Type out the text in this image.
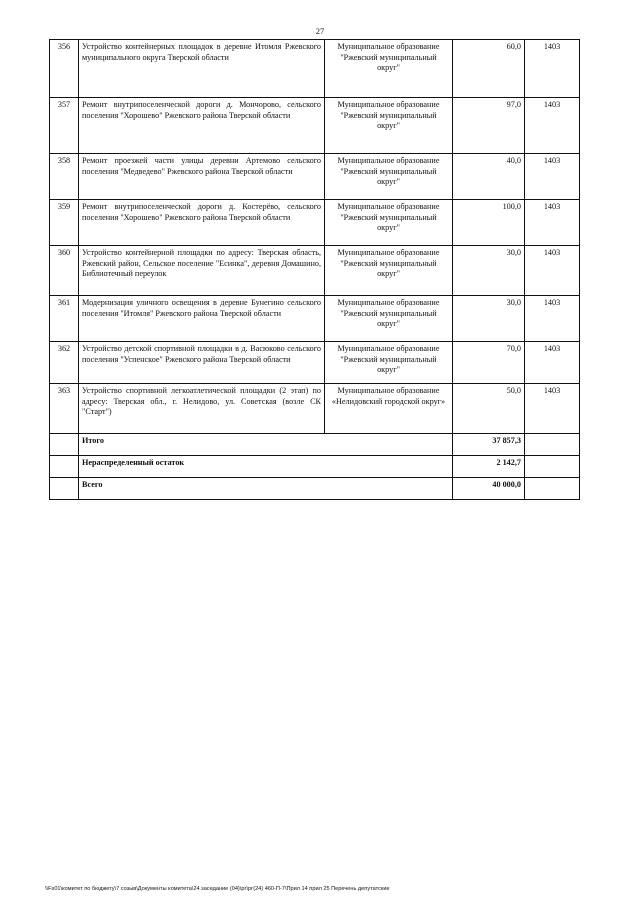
27
356	Устройство контейнерных площадок в деревне Итомля Ржевского муниципального округа Тверской области	Муниципальное образование "Ржевский муниципальный округ"	60,0	1403
357	Ремонт внутрипоселенческой дороги д. Мончорово, сельского поселения "Хорошево" Ржевского района Тверской области	Муниципальное образование "Ржевский муниципальный округ"	97,0	1403
358	Ремонт проезжей части улицы деревни Артемово сельского поселения "Медведево" Ржевского района Тверской области	Муниципальное образование "Ржевский муниципальный округ"	40,0	1403
359	Ремонт внутрипоселенческой дороги д. Костерёво, сельского поселения "Хорошево" Ржевского района Тверской области	Муниципальное образование "Ржевский муниципальный округ"	100,0	1403
360	Устройство контейнерной площадки по адресу: Тверская область, Ржевский район, Сельское поселение "Есинка", деревня Домашино, Библиотечный переулок	Муниципальное образование "Ржевский муниципальный округ"	30,0	1403
361	Модернизация уличного освещения в деревне Бунегино сельского поселения "Итомля" Ржевского района Тверской области	Муниципальное образование "Ржевский муниципальный округ"	30,0	1403
362	Устройство детской спортивной площадки в д. Васюково сельского поселения "Успенское" Ржевского района Тверской области	Муниципальное образование "Ржевский муниципальный округ"	70,0	1403
363	Устройство спортивной легкоатлетической площадки (2 этап) по адресу: Тверская обл., г. Нелидово, ул. Советская (возле СК "Старт")	Муниципальное образование «Нелидовский городской округ»	50,0	1403
	Итого		37 857,3	
	Нераспределенный остаток		2 142,7	
	Всего		40 000,0	
\\Fs01\комитет по бюджету\7 созыв\Документы комитета\24 заседание (04)\рг\рг(24) 460-П-7\Прил 14 прил 25 Перечень депутатские
